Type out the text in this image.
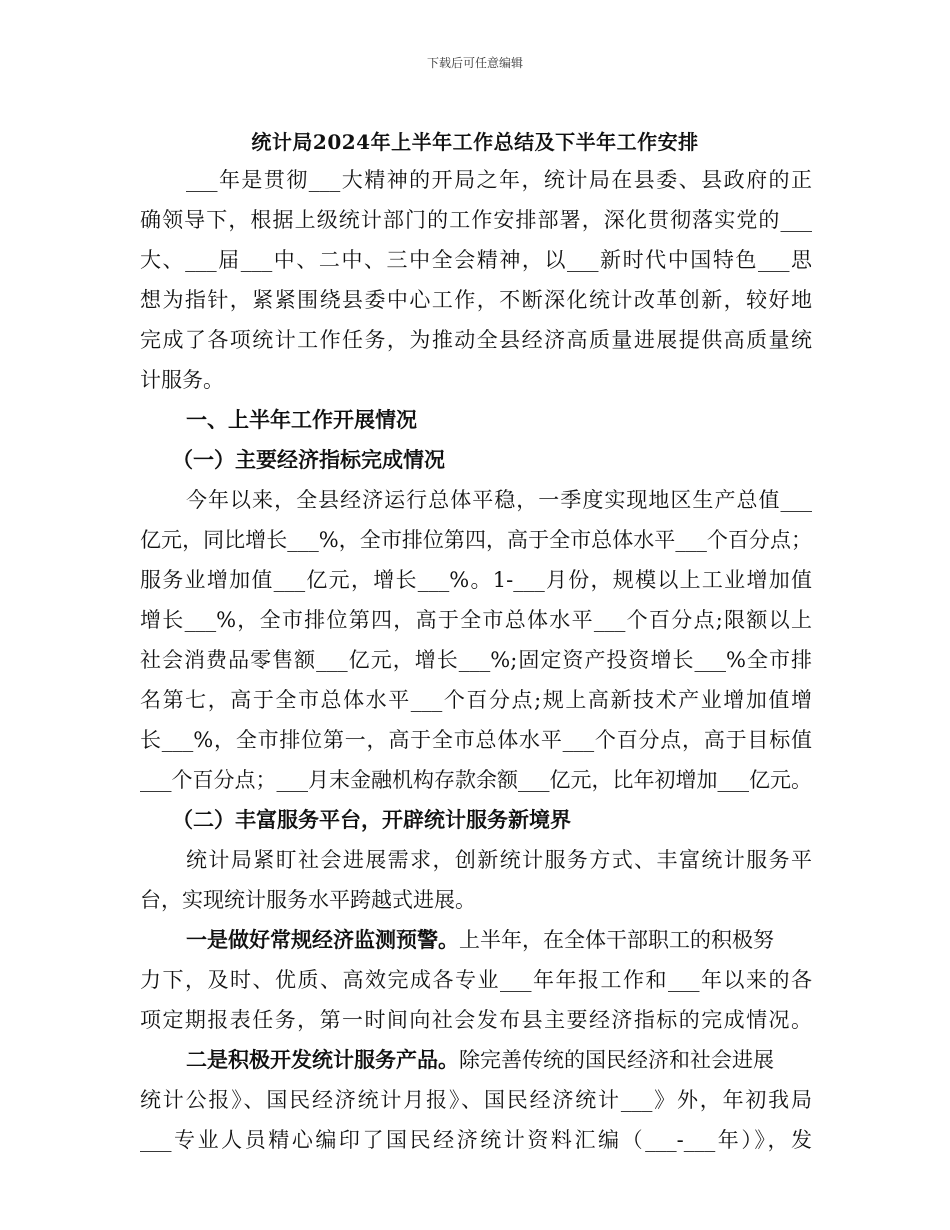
下载后可任意编辑
统计局2024年上半年工作总结及下半年工作安排
___年是贯彻___大精神的开局之年，统计局在县委、县政府的正
确领导下，根据上级统计部门的工作安排部署，深化贯彻落实党的___
大、___届___中、二中、三中全会精神，以___新时代中国特色___思
想为指针，紧紧围绕县委中心工作，不断深化统计改革创新，较好地
完成了各项统计工作任务，为推动全县经济高质量进展提供高质量统
计服务。
一、上半年工作开展情况
（一）主要经济指标完成情况
今年以来，全县经济运行总体平稳，一季度实现地区生产总值___
亿元，同比增长___%，全市排位第四，高于全市总体水平___个百分点；
服务业增加值___亿元，增长___%。1-___月份，规模以上工业增加值
增长___%，全市排位第四，高于全市总体水平___个百分点;限额以上
社会消费品零售额___亿元，增长___%;固定资产投资增长___%全市排
名第七，高于全市总体水平___个百分点;规上高新技术产业增加值增
长___%，全市排位第一，高于全市总体水平___个百分点，高于目标值
___个百分点；___月末金融机构存款余额___亿元，比年初增加___亿元。
（二）丰富服务平台，开辟统计服务新境界
统计局紧盯社会进展需求，创新统计服务方式、丰富统计服务平
台，实现统计服务水平跨越式进展。
一是做好常规经济监测预警。上半年，在全体干部职工的积极努
力下，及时、优质、高效完成各专业___年年报工作和___年以来的各
项定期报表任务，第一时间向社会发布县主要经济指标的完成情况。
二是积极开发统计服务产品。除完善传统的国民经济和社会进展
统计公报》、国民经济统计月报》、国民经济统计___》外，年初我局
___专业人员精心编印了国民经济统计资料汇编（___-___年）》，发
